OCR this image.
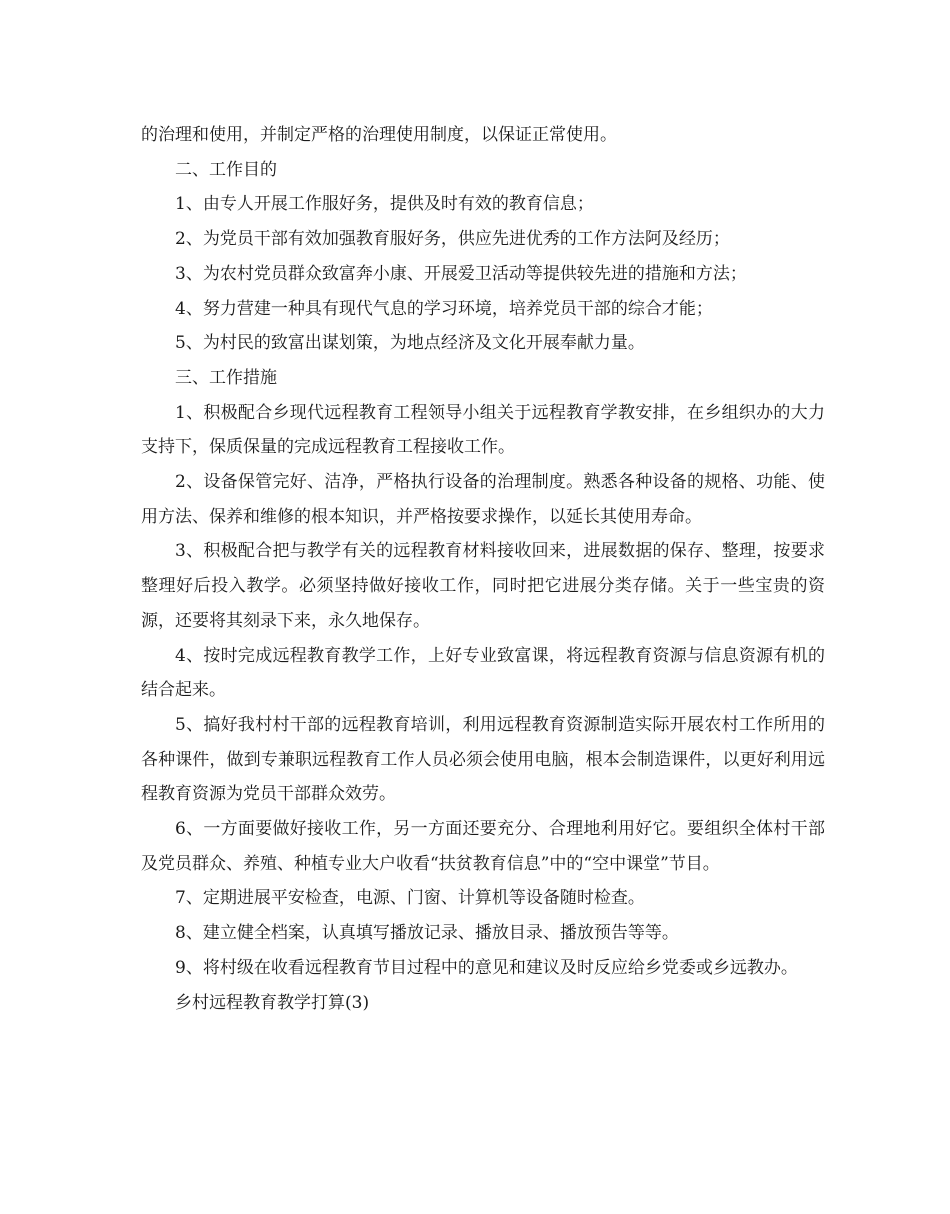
的治理和使用，并制定严格的治理使用制度，以保证正常使用。

二、工作目的

1、由专人开展工作服好务，提供及时有效的教育信息；

2、为党员干部有效加强教育服好务，供应先进优秀的工作方法阿及经历；

3、为农村党员群众致富奔小康、开展爱卫活动等提供较先进的措施和方法；

4、努力营建一种具有现代气息的学习环境，培养党员干部的综合才能；

5、为村民的致富出谋划策，为地点经济及文化开展奉献力量。

三、工作措施

1、积极配合乡现代远程教育工程领导小组关于远程教育学教安排，在乡组织办的大力支持下，保质保量的完成远程教育工程接收工作。

2、设备保管完好、洁净，严格执行设备的治理制度。熟悉各种设备的规格、功能、使用方法、保养和维修的根本知识，并严格按要求操作，以延长其使用寿命。

3、积极配合把与教学有关的远程教育材料接收回来，进展数据的保存、整理，按要求整理好后投入教学。必须坚持做好接收工作，同时把它进展分类存储。关于一些宝贵的资源，还要将其刻录下来，永久地保存。

4、按时完成远程教育教学工作，上好专业致富课，将远程教育资源与信息资源有机的结合起来。

5、搞好我村村干部的远程教育培训，利用远程教育资源制造实际开展农村工作所用的各种课件，做到专兼职远程教育工作人员必须会使用电脑，根本会制造课件，以更好利用远程教育资源为党员干部群众效劳。

6、一方面要做好接收工作，另一方面还要充分、合理地利用好它。要组织全体村干部及党员群众、养殖、种植专业大户收看“扶贫教育信息”中的“空中课堂”节目。

7、定期进展平安检查，电源、门窗、计算机等设备随时检查。

8、建立健全档案，认真填写播放记录、播放目录、播放预告等等。

9、将村级在收看远程教育节目过程中的意见和建议及时反应给乡党委或乡远教办。

乡村远程教育教学打算(3)
